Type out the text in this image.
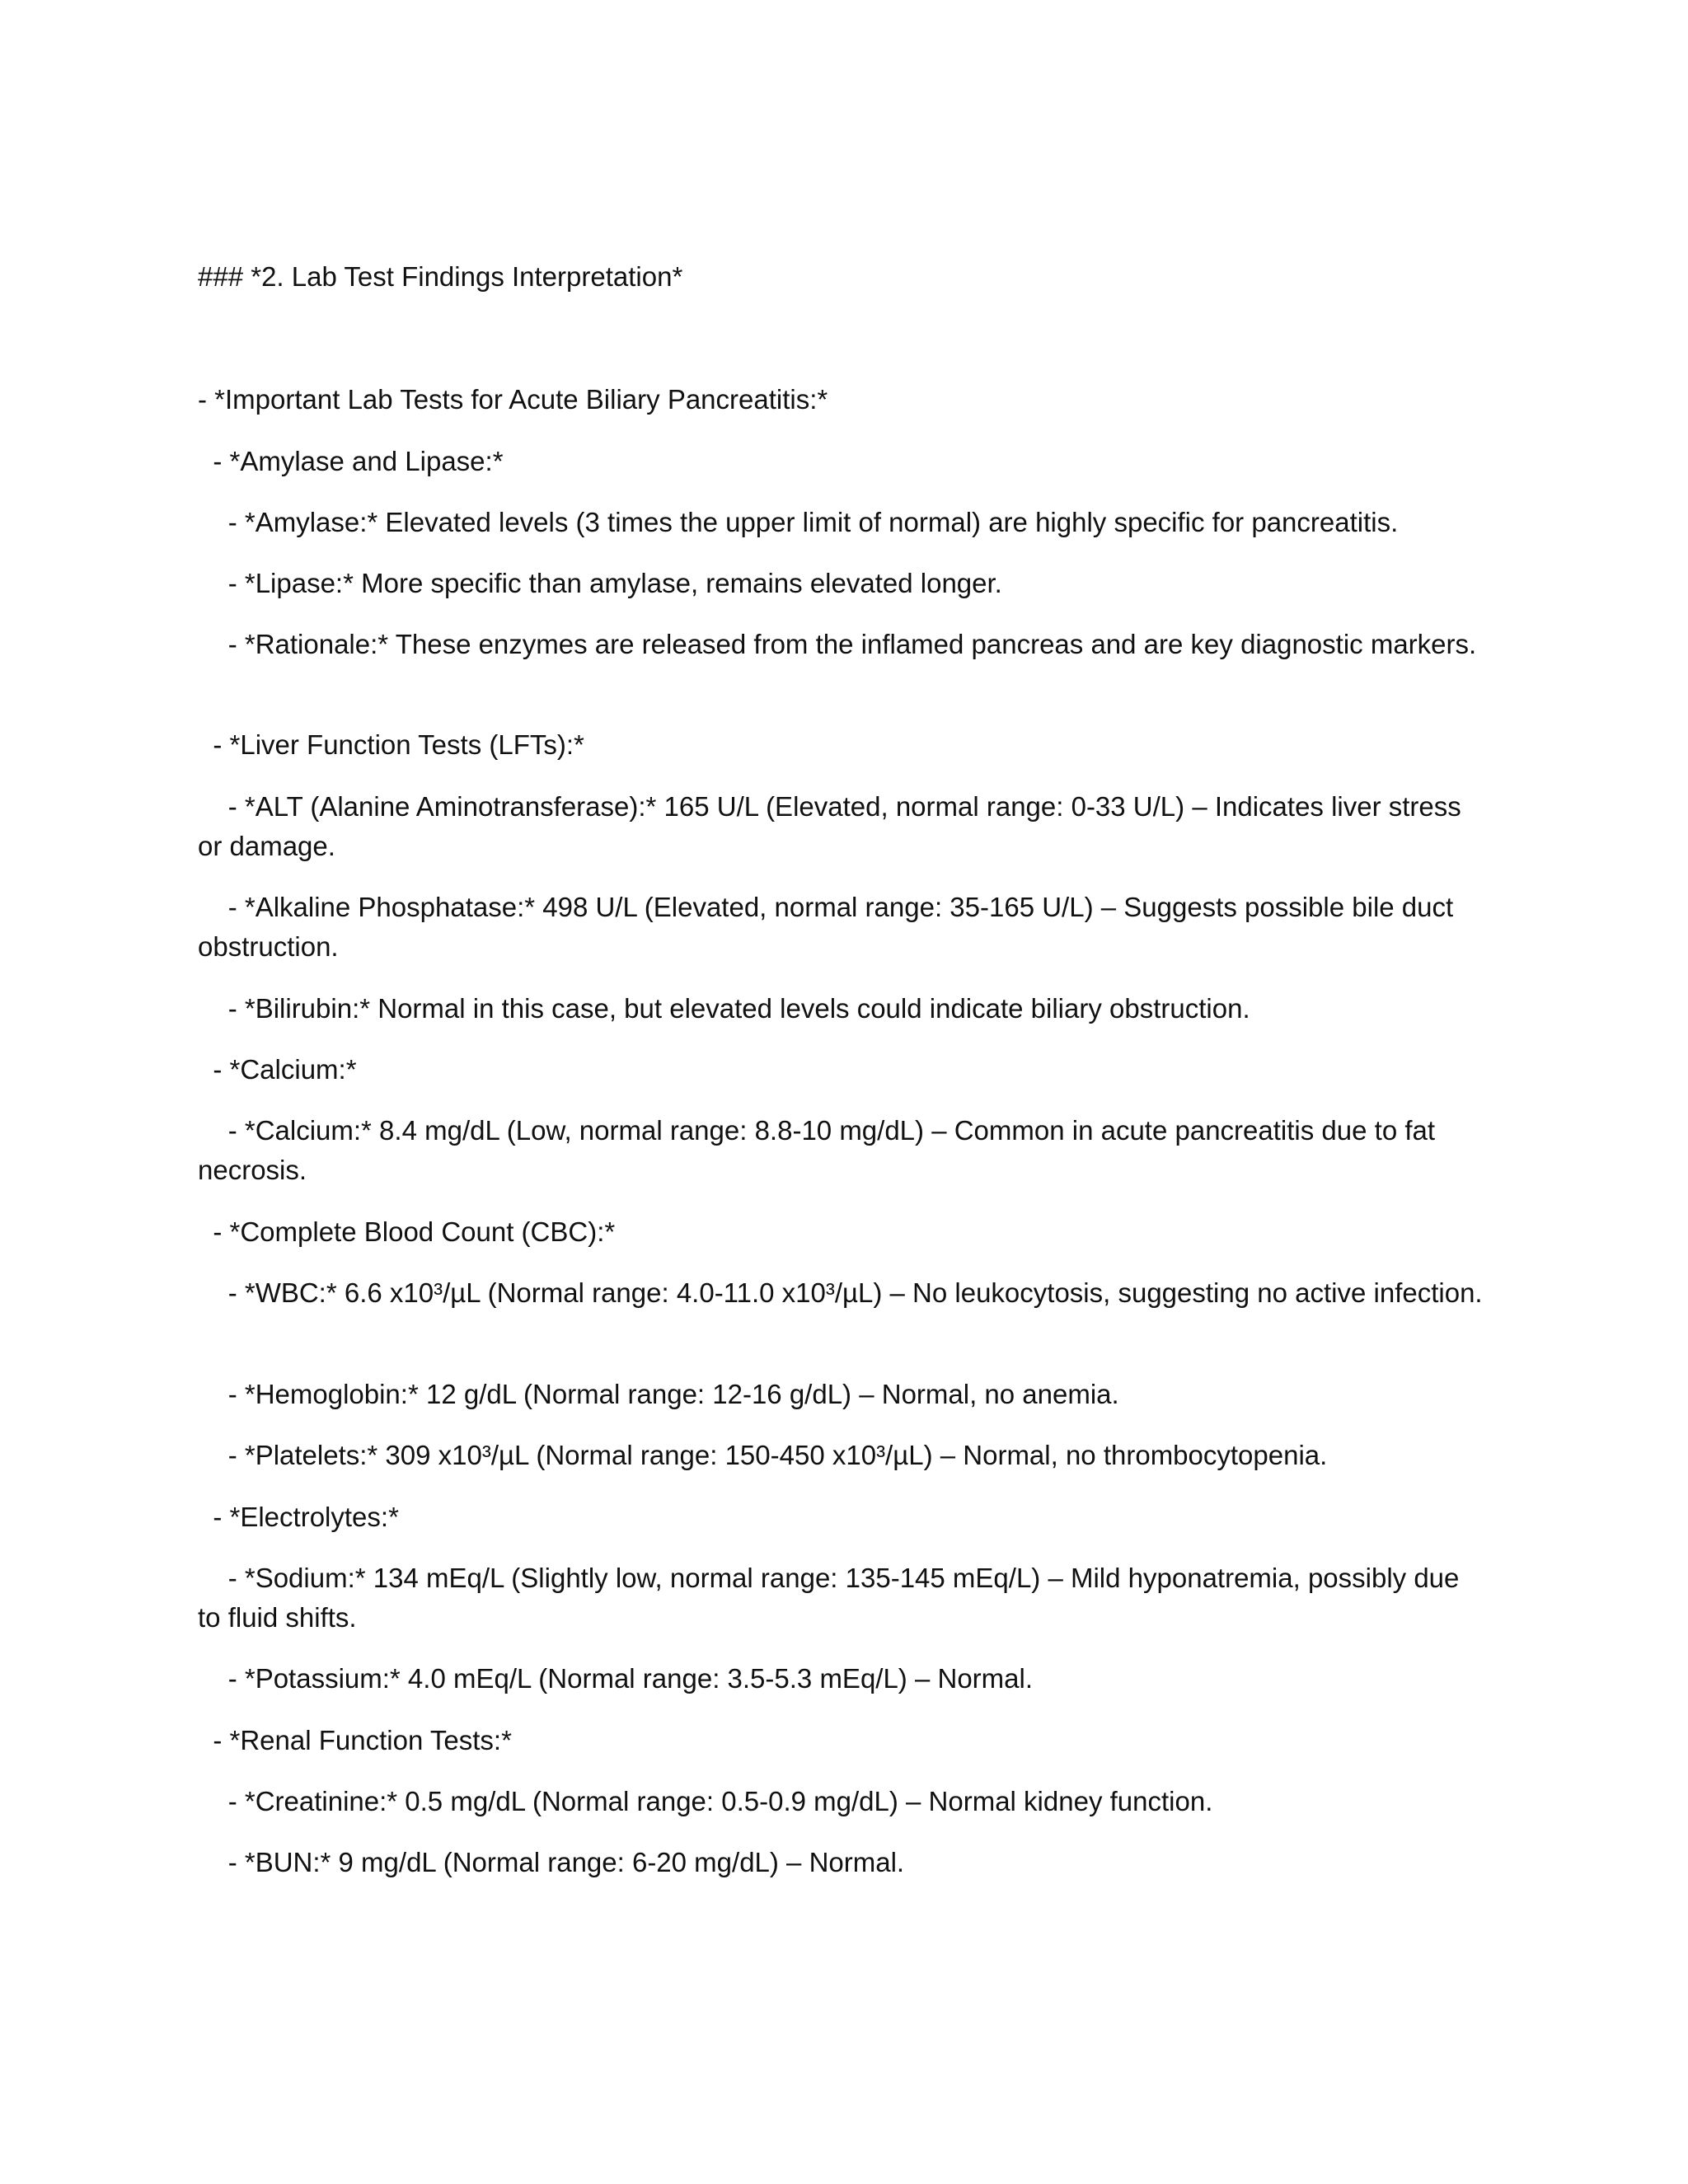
### *2. Lab Test Findings Interpretation*

- *Important Lab Tests for Acute Biliary Pancreatitis:*

- *Amylase and Lipase:*

- *Amylase:* Elevated levels (3 times the upper limit of normal) are highly specific for pancreatitis.

- *Lipase:* More specific than amylase, remains elevated longer.

- *Rationale:* These enzymes are released from the inflamed pancreas and are key diagnostic markers.

- *Liver Function Tests (LFTs):*

- *ALT (Alanine Aminotransferase):* 165 U/L (Elevated, normal range: 0-33 U/L) – Indicates liver stress or damage.

- *Alkaline Phosphatase:* 498 U/L (Elevated, normal range: 35-165 U/L) – Suggests possible bile duct obstruction.

- *Bilirubin:* Normal in this case, but elevated levels could indicate biliary obstruction.

- *Calcium:*

- *Calcium:* 8.4 mg/dL (Low, normal range: 8.8-10 mg/dL) – Common in acute pancreatitis due to fat necrosis.

- *Complete Blood Count (CBC):*

- *WBC:* 6.6 x10³/µL (Normal range: 4.0-11.0 x10³/µL) – No leukocytosis, suggesting no active infection.

- *Hemoglobin:* 12 g/dL (Normal range: 12-16 g/dL) – Normal, no anemia.

- *Platelets:* 309 x10³/µL (Normal range: 150-450 x10³/µL) – Normal, no thrombocytopenia.

- *Electrolytes:*

- *Sodium:* 134 mEq/L (Slightly low, normal range: 135-145 mEq/L) – Mild hyponatremia, possibly due to fluid shifts.

- *Potassium:* 4.0 mEq/L (Normal range: 3.5-5.3 mEq/L) – Normal.

- *Renal Function Tests:*

- *Creatinine:* 0.5 mg/dL (Normal range: 0.5-0.9 mg/dL) – Normal kidney function.

- *BUN:* 9 mg/dL (Normal range: 6-20 mg/dL) – Normal.
